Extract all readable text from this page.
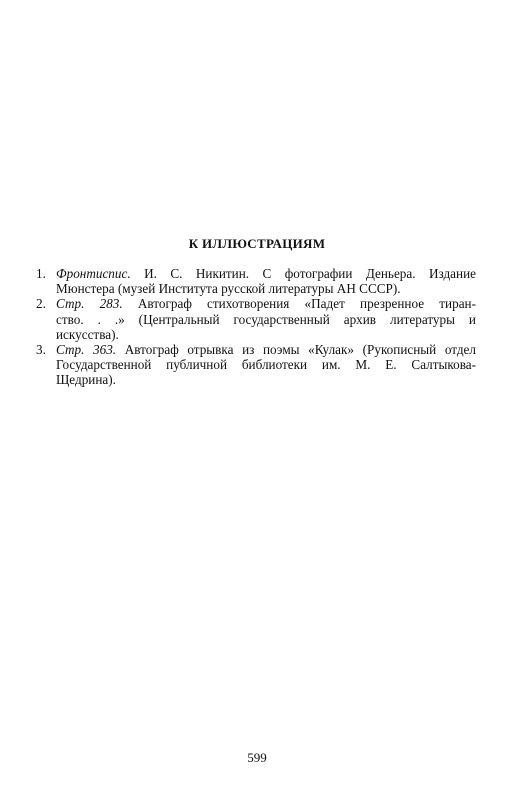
К ИЛЛЮСТРАЦИЯМ
1. Фронтиспис. И. С. Никитин. С фотографии Деньера. Издание
Мюнстера (музей Института русской литературы АН СССР).
2. Стр. 283. Автограф стихотворения «Падет презренное тиран-
ство. . .» (Центральный государственный архив литературы и
искусства).
3. Стр. 363. Автограф отрывка из поэмы «Кулак» (Рукописный отдел
Государственной публичной библиотеки им. М. Е. Салтыкова-
Щедрина).
599
